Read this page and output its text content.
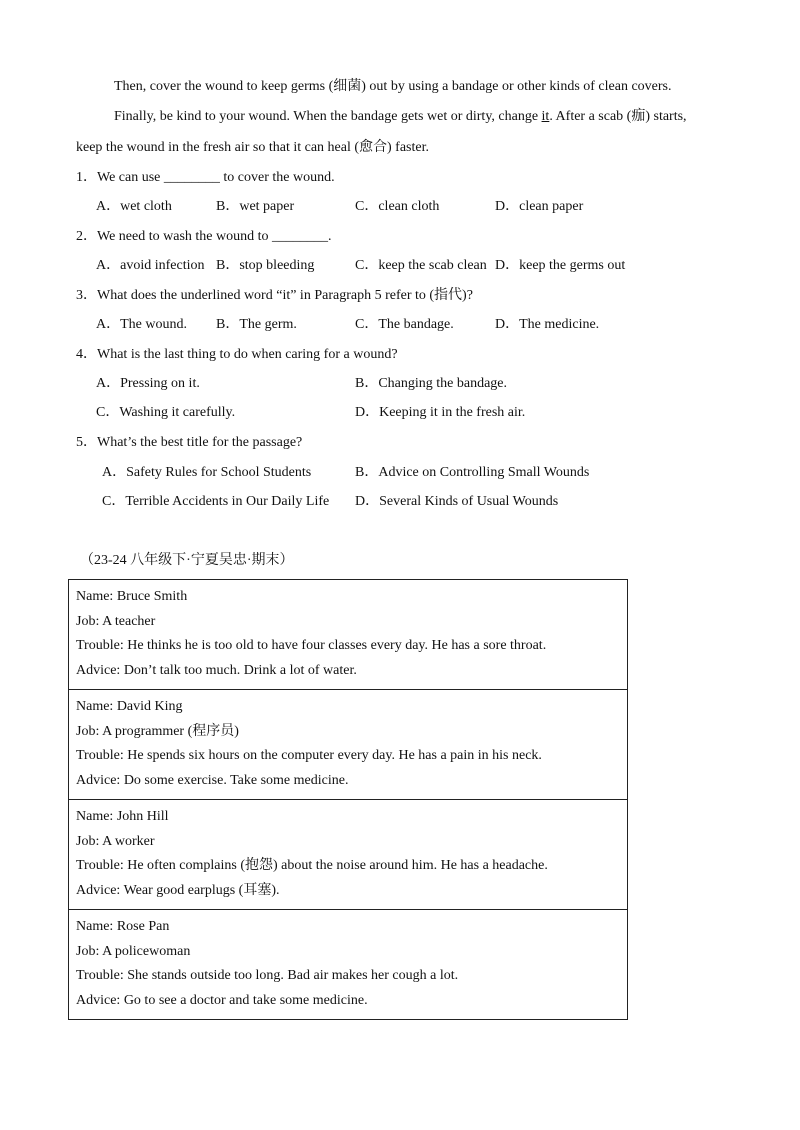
Then, cover the wound to keep germs (细菌) out by using a bandage or other kinds of clean covers.
Finally, be kind to your wound. When the bandage gets wet or dirty, change it. After a scab (痂) starts,
keep the wound in the fresh air so that it can heal (愈合) faster.
1．We can use ________ to cover the wound.
A．wet cloth	B．wet paper	C．clean cloth	D．clean paper
2．We need to wash the wound to ________.
A．avoid infection B．stop bleeding	C．keep the scab clean D．keep the germs out
3．What does the underlined word “it” in Paragraph 5 refer to (指代)?
A．The wound. B．The germ.	C．The bandage.	D．The medicine.
4．What is the last thing to do when caring for a wound?
A．Pressing on it.	B．Changing the bandage.
C．Washing it carefully.	D．Keeping it in the fresh air.
5．What’s the best title for the passage?
A．Safety Rules for School Students	B．Advice on Controlling Small Wounds
C．Terrible Accidents in Our Daily Life D．Several Kinds of Usual Wounds
（23-24 八年级下·宁夏吴忠·期末）
Name: Bruce Smith
Job: A teacher
Trouble: He thinks he is too old to have four classes every day. He has a sore throat.
Advice: Don’t talk too much. Drink a lot of water.

Name: David King
Job: A programmer (程序员)
Trouble: He spends six hours on the computer every day. He has a pain in his neck.
Advice: Do some exercise. Take some medicine.

Name: John Hill
Job: A worker
Trouble: He often complains (抱怨) about the noise around him. He has a headache.
Advice: Wear good earplugs (耳塞).

Name: Rose Pan
Job: A policewoman
Trouble: She stands outside too long. Bad air makes her cough a lot.
Advice: Go to see a doctor and take some medicine.
